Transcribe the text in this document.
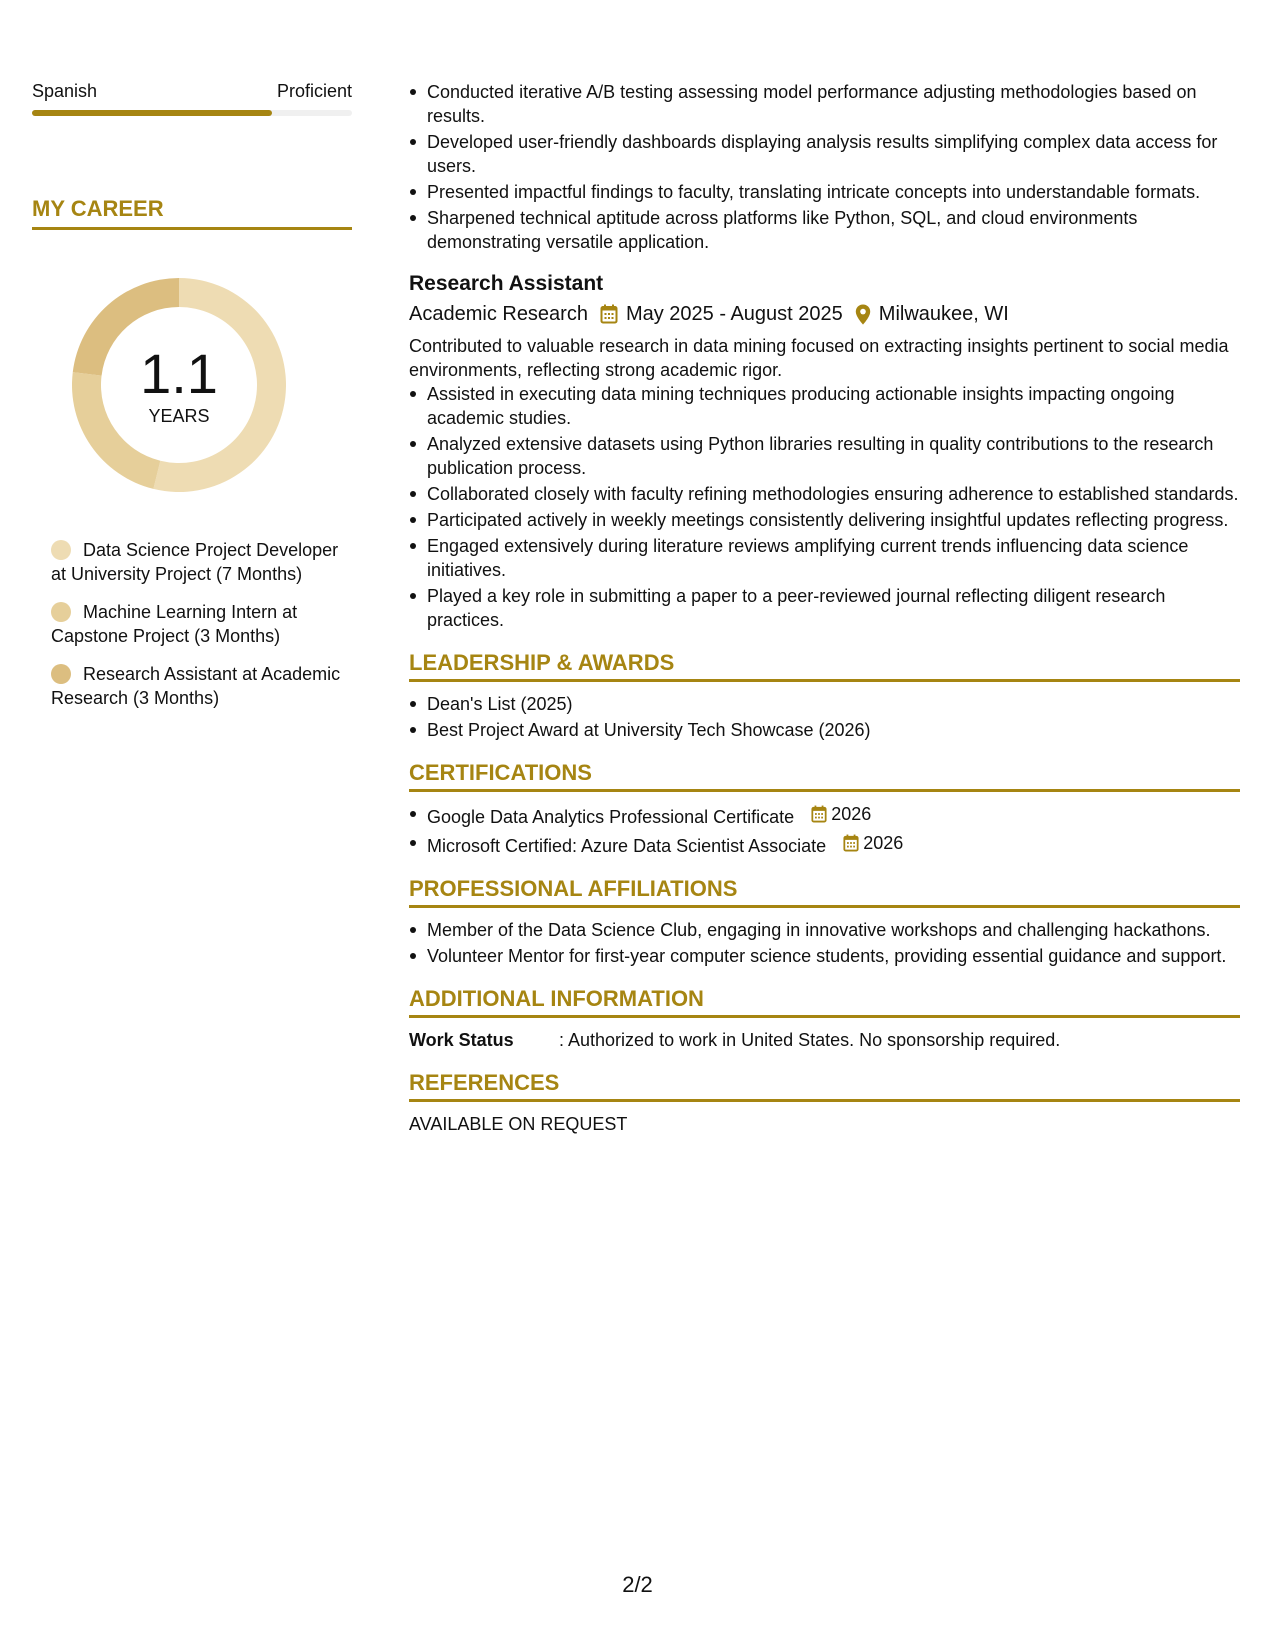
Spanish	Proficient
MY CAREER
1.1
YEARS
Data Science Project Developer at University Project (7 Months)
Machine Learning Intern at Capstone Project (3 Months)
Research Assistant at Academic Research (3 Months)
Conducted iterative A/B testing assessing model performance adjusting methodologies based on results.
Developed user-friendly dashboards displaying analysis results simplifying complex data access for users.
Presented impactful findings to faculty, translating intricate concepts into understandable formats.
Sharpened technical aptitude across platforms like Python, SQL, and cloud environments demonstrating versatile application.
Research Assistant
Academic Research May 2025 - August 2025 Milwaukee, WI
Contributed to valuable research in data mining focused on extracting insights pertinent to social media environments, reflecting strong academic rigor.
Assisted in executing data mining techniques producing actionable insights impacting ongoing academic studies.
Analyzed extensive datasets using Python libraries resulting in quality contributions to the research publication process.
Collaborated closely with faculty refining methodologies ensuring adherence to established standards.
Participated actively in weekly meetings consistently delivering insightful updates reflecting progress.
Engaged extensively during literature reviews amplifying current trends influencing data science initiatives.
Played a key role in submitting a paper to a peer-reviewed journal reflecting diligent research practices.
LEADERSHIP & AWARDS
Dean's List (2025)
Best Project Award at University Tech Showcase (2026)
CERTIFICATIONS
Google Data Analytics Professional Certificate 2026
Microsoft Certified: Azure Data Scientist Associate 2026
PROFESSIONAL AFFILIATIONS
Member of the Data Science Club, engaging in innovative workshops and challenging hackathons.
Volunteer Mentor for first-year computer science students, providing essential guidance and support.
ADDITIONAL INFORMATION
Work Status	: Authorized to work in United States. No sponsorship required.
REFERENCES
AVAILABLE ON REQUEST
2/2
